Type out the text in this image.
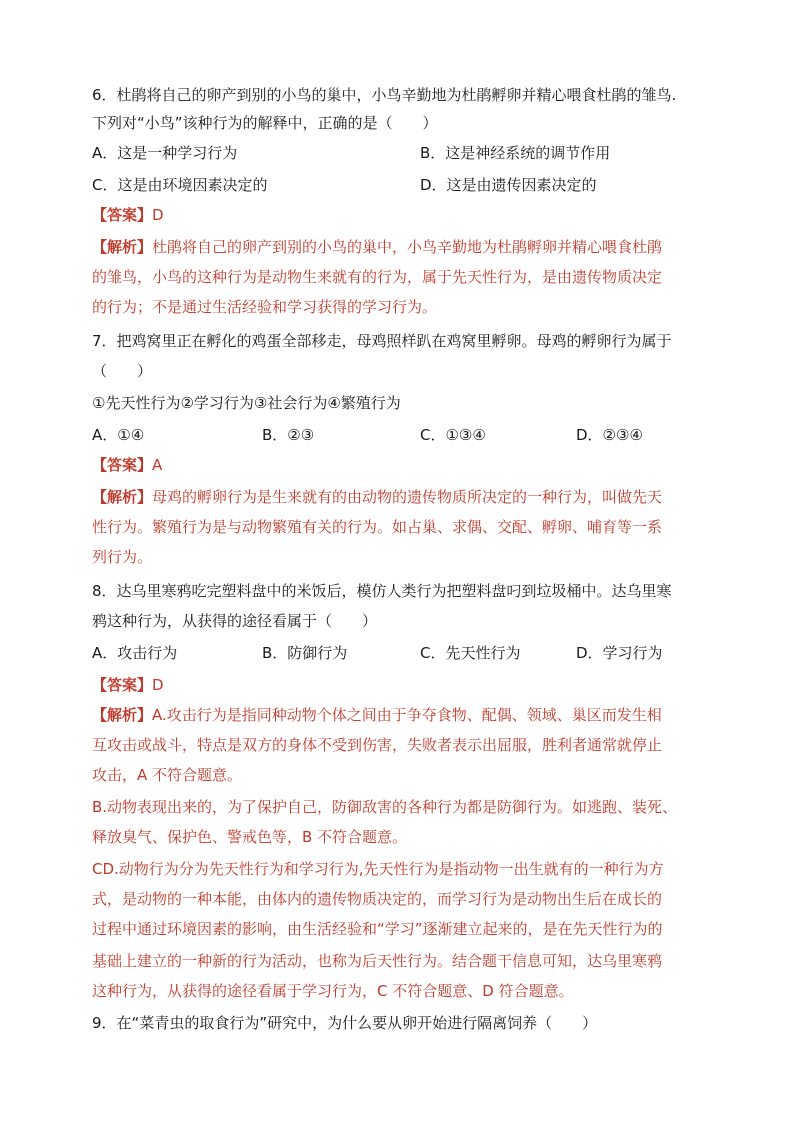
6．杜鹃将自己的卵产到别的小鸟的巢中，小鸟辛勤地为杜鹃孵卵并精心喂食杜鹃的雏鸟.
下列对“小鸟”该种行为的解释中，正确的是（　　）
A．这是一种学习行为	B．这是神经系统的调节作用
C．这是由环境因素决定的	D．这是由遗传因素决定的
【答案】D
【解析】杜鹃将自己的卵产到别的小鸟的巢中，小鸟辛勤地为杜鹃孵卵并精心喂食杜鹃
的雏鸟，小鸟的这种行为是动物生来就有的行为，属于先天性行为，是由遗传物质决定
的行为；不是通过生活经验和学习获得的学习行为。
7．把鸡窝里正在孵化的鸡蛋全部移走，母鸡照样趴在鸡窝里孵卵。母鸡的孵卵行为属于
（　　）
①先天性行为②学习行为③社会行为④繁殖行为
A．①④	B．②③	C．①③④	D．②③④
【答案】A
【解析】母鸡的孵卵行为是生来就有的由动物的遗传物质所决定的一种行为，叫做先天
性行为。繁殖行为是与动物繁殖有关的行为。如占巢、求偶、交配、孵卵、哺育等一系
列行为。
8．达乌里寒鸦吃完塑料盘中的米饭后，模仿人类行为把塑料盘叼到垃圾桶中。达乌里寒
鸦这种行为，从获得的途径看属于（　　）
A．攻击行为	B．防御行为	C．先天性行为	D．学习行为
【答案】D
【解析】A.攻击行为是指同种动物个体之间由于争夺食物、配偶、领域、巢区而发生相
互攻击或战斗，特点是双方的身体不受到伤害，失败者表示出屈服，胜利者通常就停止
攻击，A 不符合题意。
B.动物表现出来的，为了保护自己，防御敌害的各种行为都是防御行为。如逃跑、装死、
释放臭气、保护色、警戒色等，B 不符合题意。
CD.动物行为分为先天性行为和学习行为,先天性行为是指动物一出生就有的一种行为方
式，是动物的一种本能，由体内的遗传物质决定的，而学习行为是动物出生后在成长的
过程中通过环境因素的影响，由生活经验和“学习”逐渐建立起来的，是在先天性行为的
基础上建立的一种新的行为活动，也称为后天性行为。结合题干信息可知，达乌里寒鸦
这种行为，从获得的途径看属于学习行为，C 不符合题意、D 符合题意。
9．在“菜青虫的取食行为”研究中，为什么要从卵开始进行隔离饲养（　　）
